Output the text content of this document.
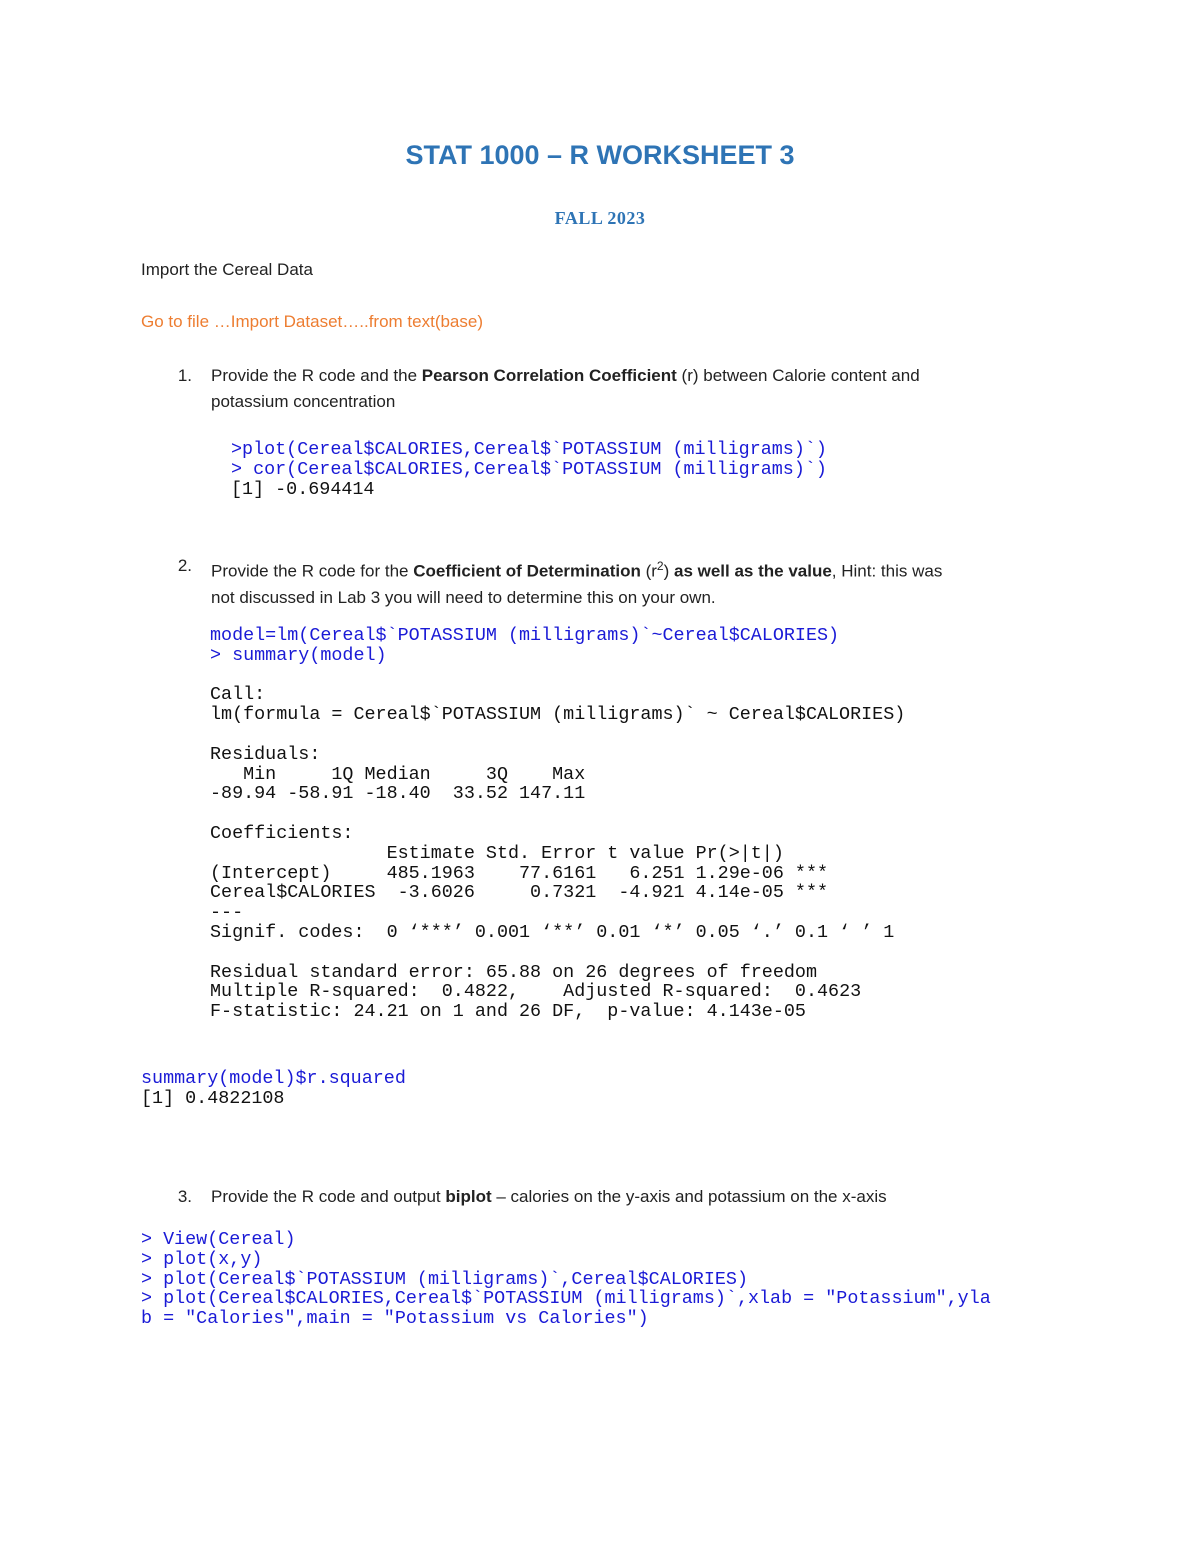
STAT 1000 – R WORKSHEET 3
FALL 2023
Import the Cereal Data
Go to file …Import Dataset…..from text(base)
1. Provide the R code and the Pearson Correlation Coefficient (r) between Calorie content and
potassium concentration
>plot(Cereal$CALORIES,Cereal$`POTASSIUM (milligrams)`)
> cor(Cereal$CALORIES,Cereal$`POTASSIUM (milligrams)`)
[1] -0.694414
2. Provide the R code for the Coefficient of Determination $(r^2)$ as well as the value, Hint: this was
not discussed in Lab 3 you will need to determine this on your own.
model=lm(Cereal$`POTASSIUM (milligrams)`~Cereal$CALORIES)
> summary(model)

Call:
lm(formula = Cereal$`POTASSIUM (milligrams)` ~ Cereal$CALORIES)

Residuals:
Min     1Q Median     3Q    Max
-89.94 -58.91 -18.40  33.52 147.11

Coefficients:
Estimate Std. Error t value Pr(>|t|)
(Intercept)     485.1963    77.6161   6.251 1.29e-06 ***
Cereal$CALORIES  -3.6026     0.7321  -4.921 4.14e-05 ***
---
Signif. codes:  0 ‘***’ 0.001 ‘**’ 0.01 ‘*’ 0.05 ‘.’ 0.1 ‘ ’ 1

Residual standard error: 65.88 on 26 degrees of freedom
Multiple R-squared:  0.4822,	Adjusted R-squared:  0.4623
F-statistic: 24.21 on 1 and 26 DF,  p-value: 4.143e-05
summary(model)$r.squared
[1] 0.4822108
3. Provide the R code and output biplot – calories on the y-axis and potassium on the x-axis
> View(Cereal)
> plot(x,y)
> plot(Cereal$`POTASSIUM (milligrams)`,Cereal$CALORIES)
> plot(Cereal$CALORIES,Cereal$`POTASSIUM (milligrams)`,xlab = "Potassium",yla
b = "Calories",main = "Potassium vs Calories")
